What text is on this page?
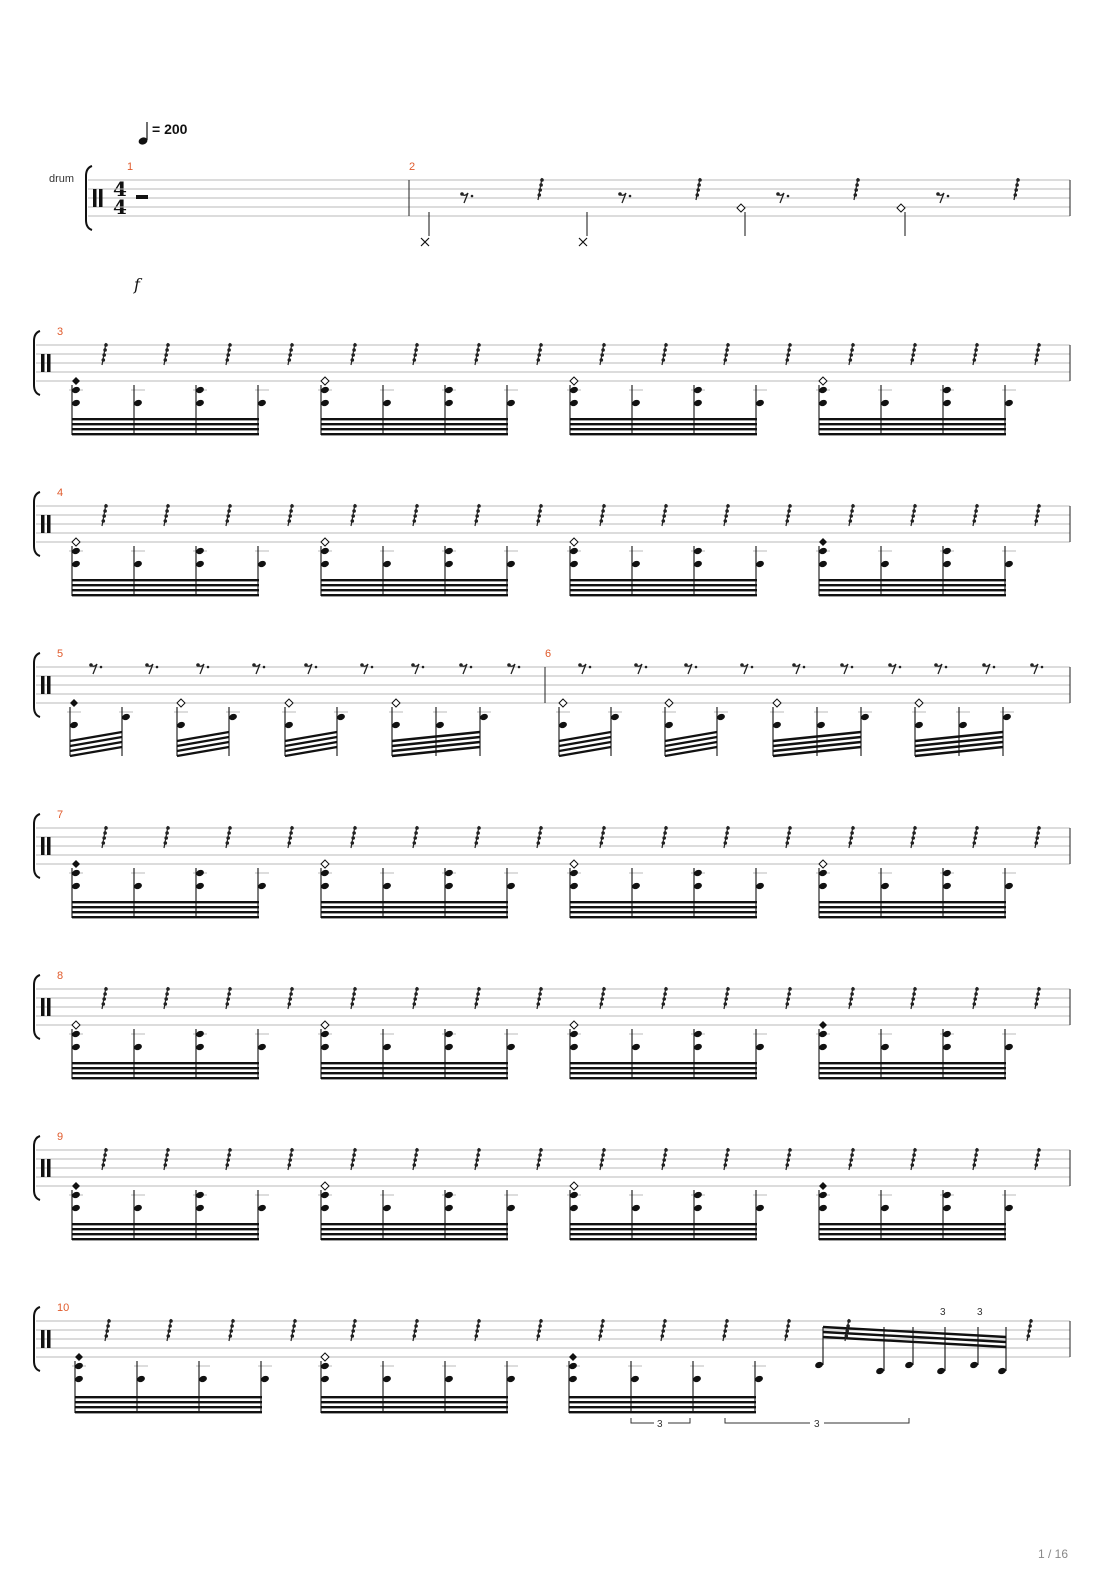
= 200
drum
f
4
4
1	2
3
4
7
8
9
5	6
10	3	3
3	3
1 / 16
